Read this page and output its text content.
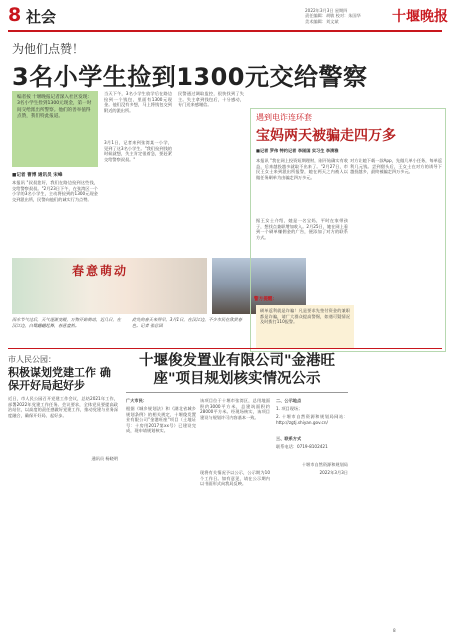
8 社会	2022年3月3日 星期四
责任编辑：胡敏 校对：朱国华
美术编辑：刘文斌	十堰晚报
为他们点赞！
3名小学生捡到1300元交给警察
编者按 十堰晚报记者深入社区发现：3名小学生捡到1300元现金，第一时间交给派出所警察。他们的善举值得点赞，我们特此报道。
■记者 曹博 通讯员 宋峰
本报讯 "叔叔您好，我们在路边捡到这些钱，交给警察叔叔。"2月23日下午，在张湾区一个小学的3名小学生，主动将捡到的1300元现金交到派出所，民警向他们的诚实行为点赞。
当天下午，3名小学生放学后在路边捡到一个钱包，里面有1300元现金。他们没有多想，马上将钱包交到附近的派出所。
3月1日，记者来到张湾某一小学，见到了这3名小学生。"我们捡到钱的时候就想，失主肯定很着急，要赶紧交给警察叔叔。"
民警通过调取监控，很快找到了失主。失主拿到钱包后，十分感动，专门送来感谢信。
春意萌动
雨水节气过后，天气逐渐变暖，万物开始萌动，近几日，在汉江边，白鹭翩翩起舞，春意盎然。
此处的春天来得早，3月1日，在汉江边，不少市民在欣赏春色。记者 张总国
遇到电诈连环套
宝妈两天被骗走四万多
■记者 罗伟 特约记者 李刚国 实习生 李清雅
本报讯 "我在网上投资短期理财，刚开始确实有收益，后来越投越多就取不出来了。"2月27日，市民王女士来到派出所报警，她在两天之内被人以做任务刷单为由骗走四万多元。
据王女士介绍，她是一名宝妈，平时在家带孩子，想找点兼职增加收入。2月25日，她在网上看到一个刷单赚佣金的广告，便添加了对方的联系方式。
对方让她下载一款App，先做几单小任务，每单返利几元钱。尝到甜头后，王女士在对方的诱导下越投越多，最终被骗走四万多元。
警方提醒：
刷单返利就是诈骗！凡是要求先垫付资金的兼职都是诈骗，请广大群众提高警惕，如遇可疑情况及时拨打110报警。
市人民公园：
积极谋划党建工作 确保开好局起好步
近日，市人民公园召开党建工作会议，总结2021年工作，部署2022年党建工作任务。会议要求，全体党员要提高政治站位，以高度的责任感做好党建工作，推动党建与业务深度融合，确保开好局、起好步。
通讯员 杨晓明
十堰俊发置业有限公司"金港旺座"项目规划核实情况公示
广大市民：
根据《城乡规划法》和《湖北省城乡规划条例》的相关规定，十堰俊发置业有限公司"金港旺座"项目（土地证号：十房用2017第xx号）已建设完成，现申请规划核实。
该项目位于十堰市张湾区，总用地面积约3000平方米，总建筑面积约28000平方米。经现场核实，该项目建设与规划许可内容基本一致。
现将有关情况予以公示，公示期为10个工作日。如有意见，请在公示期内以书面形式向我局反映。
二、公示地点
1. 项目现场；
2. 十堰市自然资源和规划局网站：http://zgtj.shiyan.gov.cn/
三、联系方式
联系电话：0719-8102421
十堰市自然资源和规划局
2022年3月3日
8
